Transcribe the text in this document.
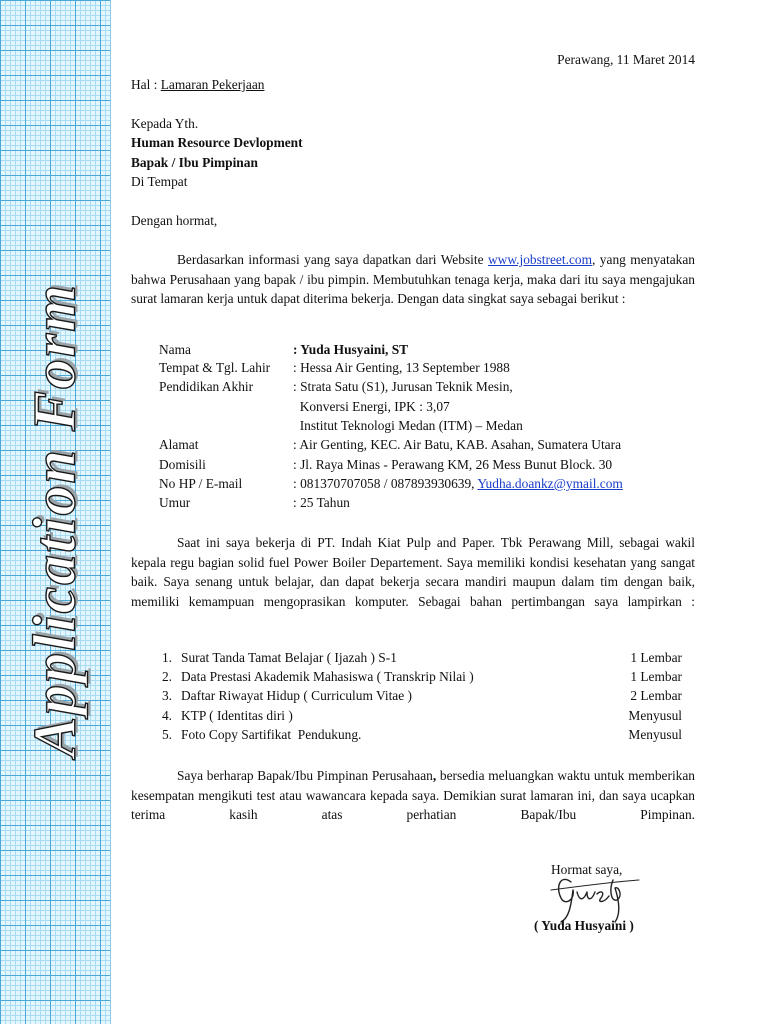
Application Form
Perawang, 11 Maret 2014
Hal : Lamaran Pekerjaan
Kepada Yth.
Human Resource Devlopment
Bapak / Ibu Pimpinan
Di Tempat
Dengan hormat,
Berdasarkan informasi yang saya dapatkan dari Website www.jobstreet.com, yang menyatakan bahwa Perusahaan yang bapak / ibu pimpin. Membutuhkan tenaga kerja, maka dari itu saya mengajukan surat lamaran kerja untuk dapat diterima bekerja. Dengan data singkat saya sebagai berikut :
Nama	: Yuda Husyaini, ST
Tempat & Tgl. Lahir : Hessa Air Genting, 13 September 1988
Pendidikan Akhir	: Strata Satu (S1), Jurusan Teknik Mesin,
Konversi Energi, IPK : 3,07
Institut Teknologi Medan (ITM) – Medan
Alamat	: Air Genting, KEC. Air Batu, KAB. Asahan, Sumatera Utara
Domisili	: Jl. Raya Minas - Perawang KM, 26 Mess Bunut Block. 30
No HP / E-mail	: 081370707058 / 087893930639, Yudha.doankz@ymail.com
Umur	: 25 Tahun
Saat ini saya bekerja di PT. Indah Kiat Pulp and Paper. Tbk Perawang Mill, sebagai wakil kepala regu bagian solid fuel Power Boiler Departement. Saya memiliki kondisi kesehatan yang sangat baik. Saya senang untuk belajar, dan dapat bekerja secara mandiri maupun dalam tim dengan baik, memiliki kemampuan mengoprasikan komputer. Sebagai bahan pertimbangan saya lampirkan :
1. Surat Tanda Tamat Belajar ( Ijazah ) S-1	1 Lembar
2. Data Prestasi Akademik Mahasiswa ( Transkrip Nilai )	1 Lembar
3. Daftar Riwayat Hidup ( Curriculum Vitae )	2 Lembar
4. KTP ( Identitas diri )	Menyusul
5. Foto Copy Sartifikat  Pendukung.	Menyusul
Saya berharap Bapak/Ibu Pimpinan Perusahaan, bersedia meluangkan waktu untuk memberikan kesempatan mengikuti test atau wawancara kepada saya. Demikian surat lamaran ini, dan saya ucapkan terima kasih atas perhatian Bapak/Ibu Pimpinan.
Hormat saya,
( Yuda Husyaini )
